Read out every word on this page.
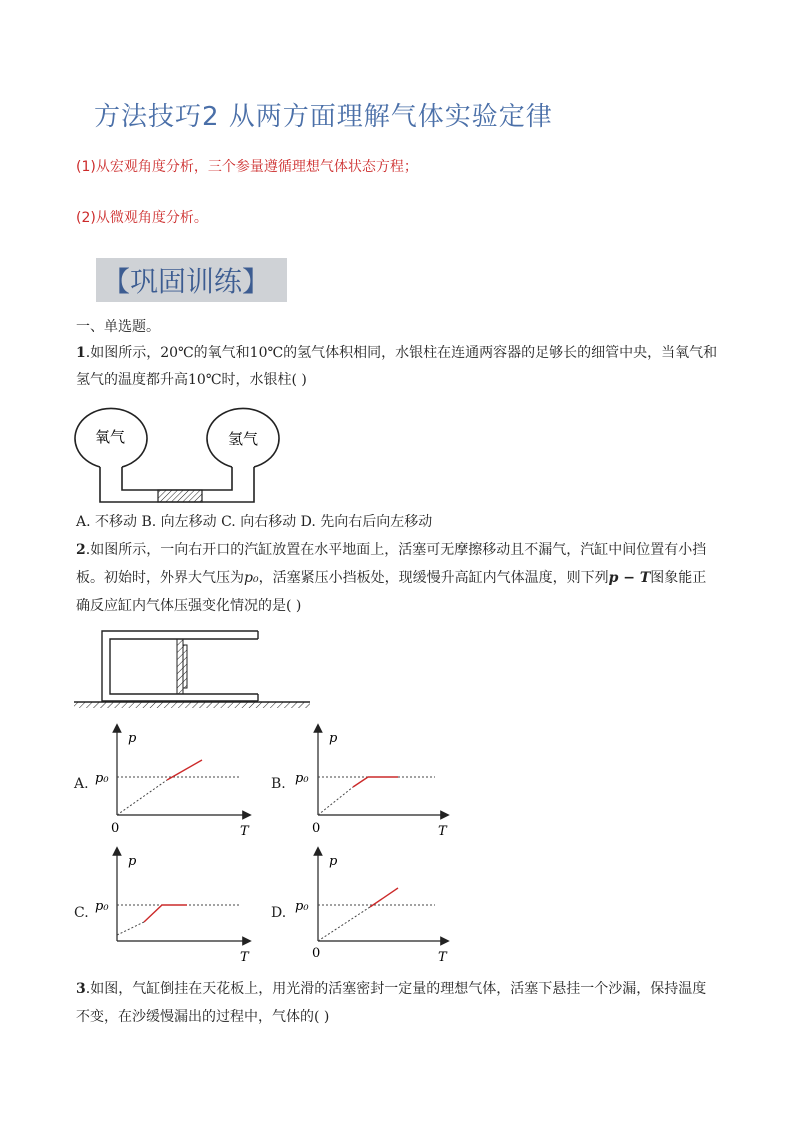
方法技巧2 从两方面理解气体实验定律
(1)从宏观角度分析，三个参量遵循理想气体状态方程；
(2)从微观角度分析。
【巩固训练】
一、单选题。
1.如图所示，20℃的氧气和10℃的氢气体积相同，水银柱在连通两容器的足够长的细管中央，当氧气和
氢气的温度都升高10℃时，水银柱( )
氧气	氢气
A. 不移动 B. 向左移动 C. 向右移动 D. 先向右后向左移动
2.如图所示，一向右开口的汽缸放置在水平地面上，活塞可无摩擦移动且不漏气，汽缸中间位置有小挡
板。初始时，外界大气压为p₀，活塞紧压小挡板处，现缓慢升高缸内气体温度，则下列p − T图象能正
确反应缸内气体压强变化情况的是( )
A.
p
T
p₀
0
B.
p
T
p₀
0
C.
p
T
p₀	D.
p
T
p₀
0
3.如图，气缸倒挂在天花板上，用光滑的活塞密封一定量的理想气体，活塞下悬挂一个沙漏，保持温度
不变，在沙缓慢漏出的过程中，气体的( )
